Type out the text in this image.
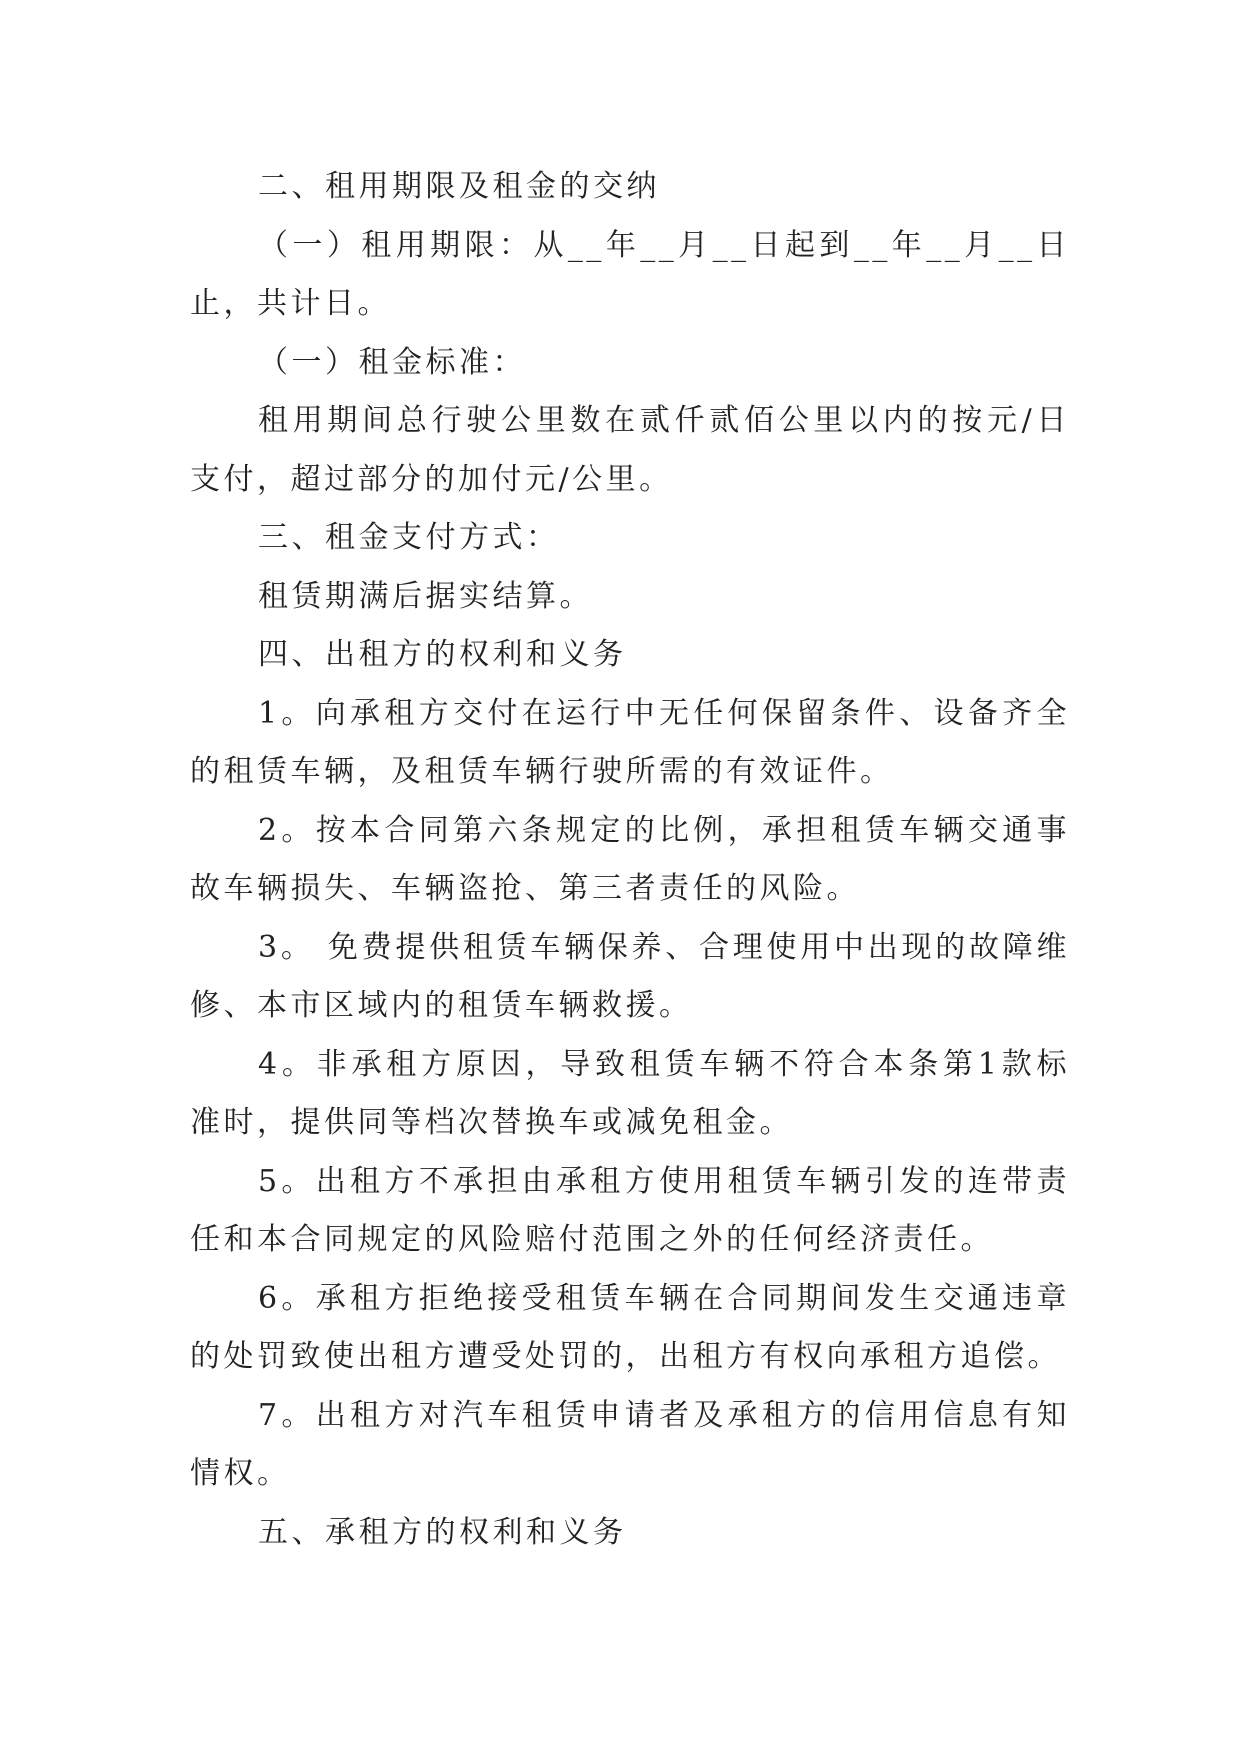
二、租用期限及租金的交纳

（一）租用期限：从__年__月__日起到__年__月__日止，共计日。

（一）租金标准：

租用期间总行驶公里数在贰仟贰佰公里以内的按元/日支付，超过部分的加付元/公里。

三、租金支付方式：

租赁期满后据实结算。

四、出租方的权利和义务

1。向承租方交付在运行中无任何保留条件、设备齐全的租赁车辆，及租赁车辆行驶所需的有效证件。

2。按本合同第六条规定的比例，承担租赁车辆交通事故车辆损失、车辆盗抢、第三者责任的风险。

3。 免费提供租赁车辆保养、合理使用中出现的故障维修、本市区域内的租赁车辆救援。

4。非承租方原因，导致租赁车辆不符合本条第1款标准时，提供同等档次替换车或减免租金。

5。出租方不承担由承租方使用租赁车辆引发的连带责任和本合同规定的风险赔付范围之外的任何经济责任。

6。承租方拒绝接受租赁车辆在合同期间发生交通违章的处罚致使出租方遭受处罚的，出租方有权向承租方追偿。

7。出租方对汽车租赁申请者及承租方的信用信息有知情权。

五、承租方的权利和义务
